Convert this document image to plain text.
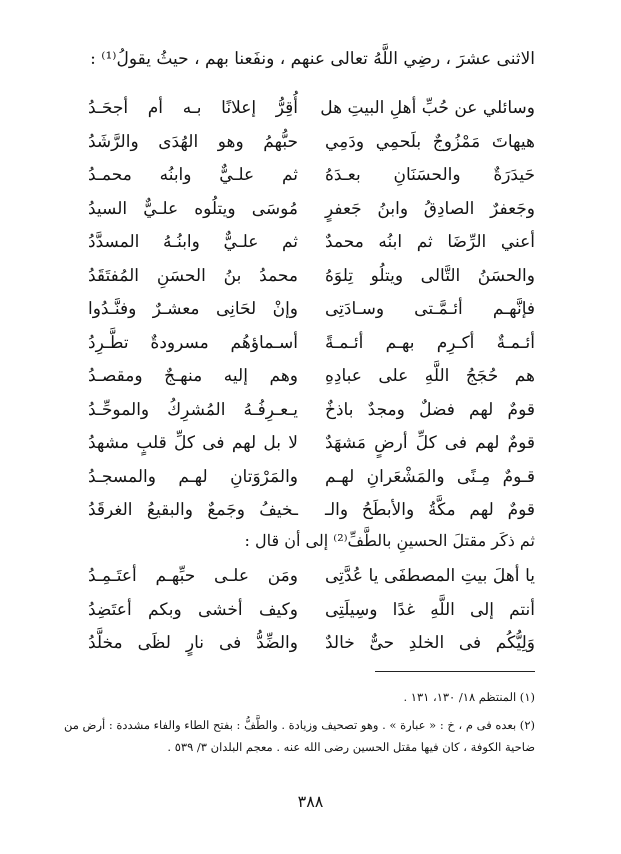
الاثنى عشرَ ، رضِي اللَّهُ تعالى عنهم ، ونفَعنا بهم ، حيثُ يقولُ⁽¹⁾ :
وسائلي عن حُبِّ أهلِ البيتِ هل
أُقِرُّ إعلانًا بـه أم أجحَـدُ
هيهاتَ مَمْزُوجٌ بلَحمِي ودَمِي
حبُّهمُ وهو الهُدَى والرَّشَدُ
حَيدَرَةٌ والحسَنَانِ بعـدَهُ
ثم علـيٌّ وابنُه محمـدُ
وجَعفرٌ الصادِقُ وابنُ جَعفرٍ
مُوسَى ويتلُوه علـيٌّ السيدُ
أعني الرِّضَا ثم ابنُه محمدٌ
ثم علـيٌّ وابنُـهُ المسدَّدُ
والحسَنُ التَّالى ويتلُو تِلوَهُ
محمدُ بنُ الحسَنِ المُفتَقَدُ
فإنَّهـم أئـمَّـتى وسـادَتِى
وإنْ لحَانِى معشـرٌ وفنَّـدُوا
أئـمـةٌ أكـرِم بهـم أئـمـةً
أسـماؤهُم مسرودةٌ تطَّـرِدُ
هم حُجَجُ اللَّهِ على عبادِهِ
وهم إليه منهـجٌ ومقصـدُ
قومٌ لهم فضلٌ ومجدٌ باذخٌ
يـعـرِفُـهُ المُشرِكُ والموحِّـدُ
قومٌ لهم فى كلِّ أرضٍ مَشهَدٌ
لا بل لهم فى كلِّ قلبٍ مشهدُ
قـومٌ مِـنًى والمَشْعَرانِ لهـم
والمَرْوَتانِ لهـم والمسجـدُ
قومٌ لهم مكَّةُ والأبطَحُ والـ
ـخيفُ وجَمعٌ والبقيعُ الغرقَدُ
ثم ذكَر مقتلَ الحسينِ بالطَّفِّ⁽²⁾ إلى أن قال :
يا أهلَ بيتِ المصطفَى يا عُدَّتِى
ومَن علـى حبِّهـم أعتَـمِـدُ
أنتم إلى اللَّهِ غدًا وسِيلَتِى
وكيف أخشى وبكم أعتَضِدُ
وَلِيُّكُم فى الخلدِ حىٌّ خالدٌ
والضِّدُّ فى نارٍ لظَى مخلَّدُ
(١) المنتظم ١٨/ ١٣٠، ١٣١ .
(٢) بعده فى م ، خ : « عبارة » . وهو تصحيف وزيادة . والطَّفُّ : بفتح الطاء والفاء مشددة : أرض من
ضاحية الكوفة ، كان فيها مقتل الحسين رضى الله عنه . معجم البلدان ٣/ ٥٣٩ .
٣٨٨
